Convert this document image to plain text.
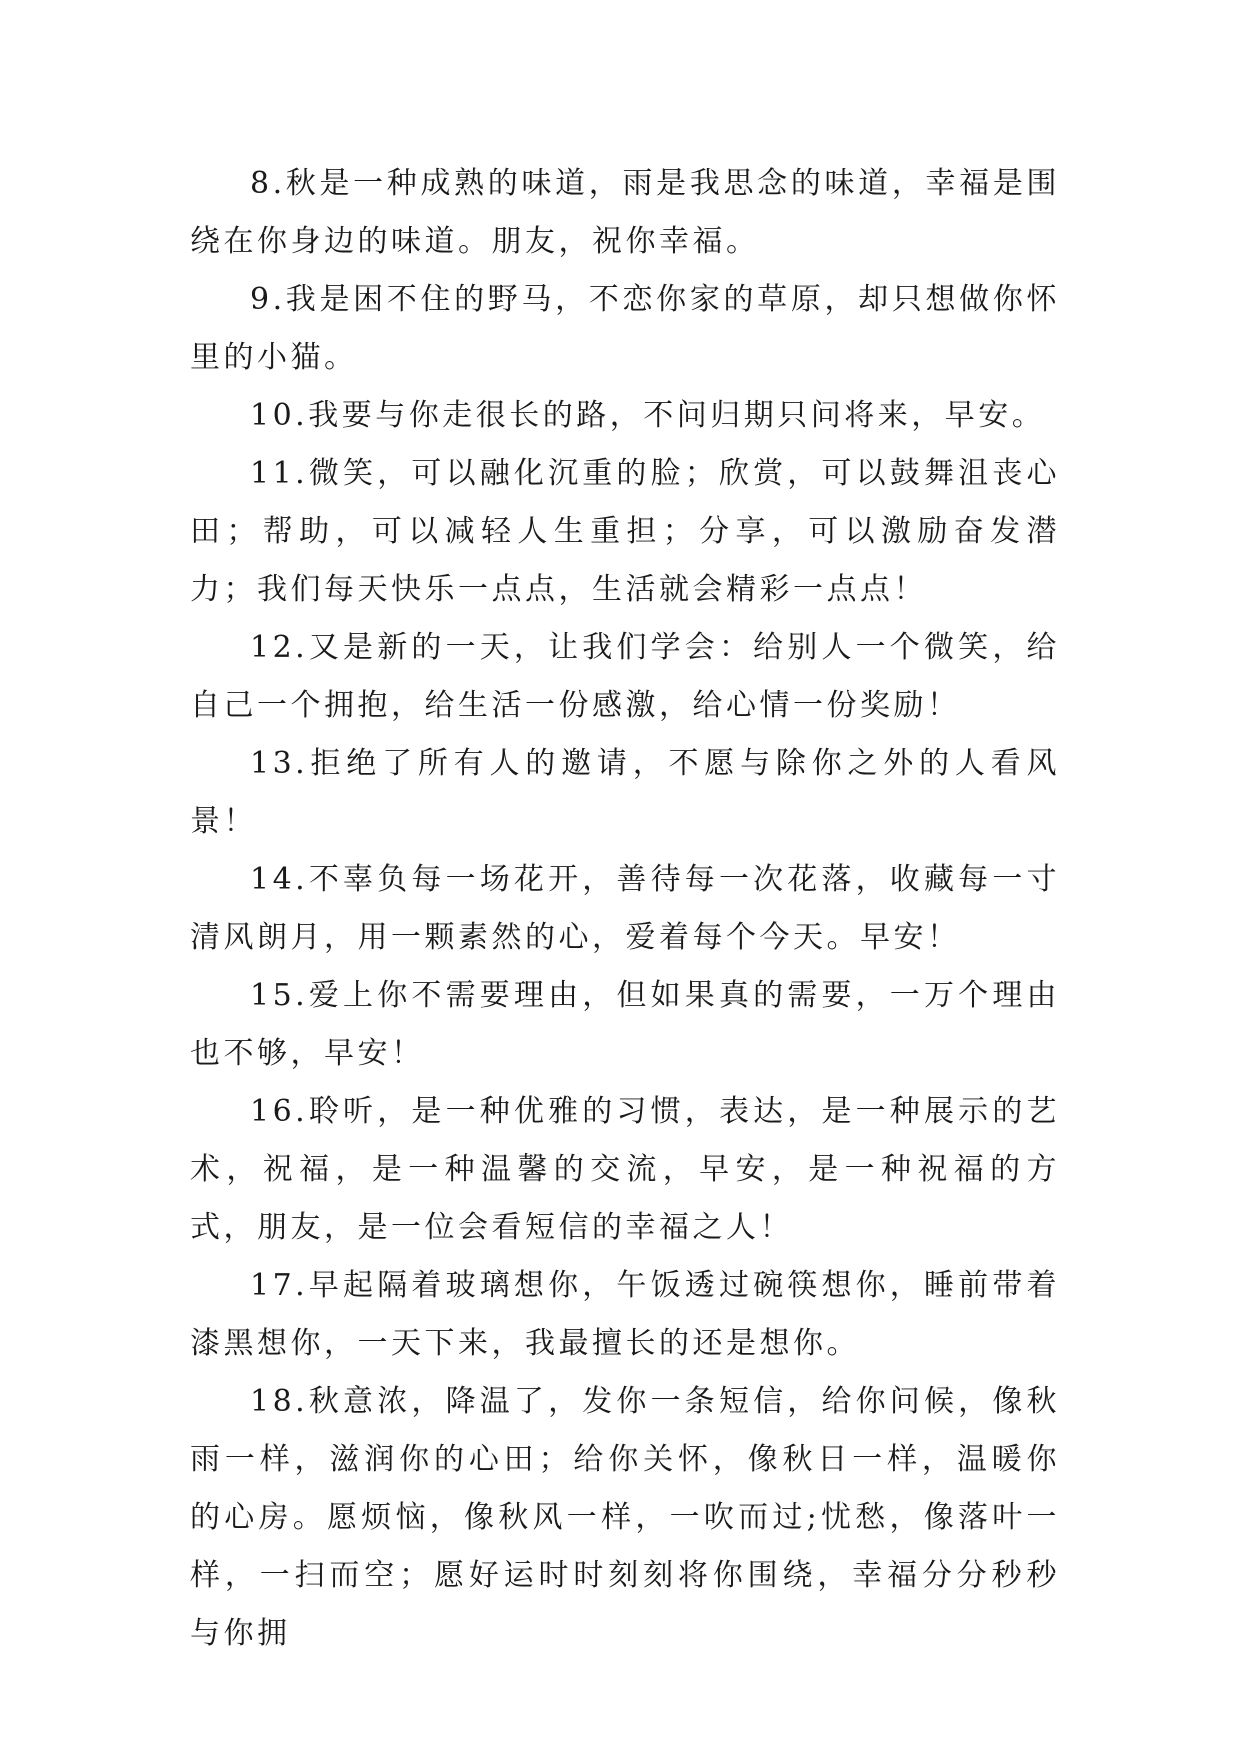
8.秋是一种成熟的味道，雨是我思念的味道，幸福是围绕在你身边的味道。朋友，祝你幸福。

9.我是困不住的野马，不恋你家的草原，却只想做你怀里的小猫。

10.我要与你走很长的路，不问归期只问将来，早安。

11.微笑，可以融化沉重的脸；欣赏，可以鼓舞沮丧心田；帮助，可以减轻人生重担；分享，可以激励奋发潜力；我们每天快乐一点点，生活就会精彩一点点！

12.又是新的一天，让我们学会：给别人一个微笑，给自己一个拥抱，给生活一份感激，给心情一份奖励！

13.拒绝了所有人的邀请，不愿与除你之外的人看风景！

14.不辜负每一场花开，善待每一次花落，收藏每一寸清风朗月，用一颗素然的心，爱着每个今天。早安！

15.爱上你不需要理由，但如果真的需要，一万个理由也不够，早安！

16.聆听，是一种优雅的习惯，表达，是一种展示的艺术，祝福，是一种温馨的交流，早安，是一种祝福的方式，朋友，是一位会看短信的幸福之人！

17.早起隔着玻璃想你，午饭透过碗筷想你，睡前带着漆黑想你，一天下来，我最擅长的还是想你。

18.秋意浓，降温了，发你一条短信，给你问候，像秋雨一样，滋润你的心田；给你关怀，像秋日一样，温暖你的心房。愿烦恼，像秋风一样，一吹而过;忧愁，像落叶一样，一扫而空；愿好运时时刻刻将你围绕，幸福分分秒秒与你拥
